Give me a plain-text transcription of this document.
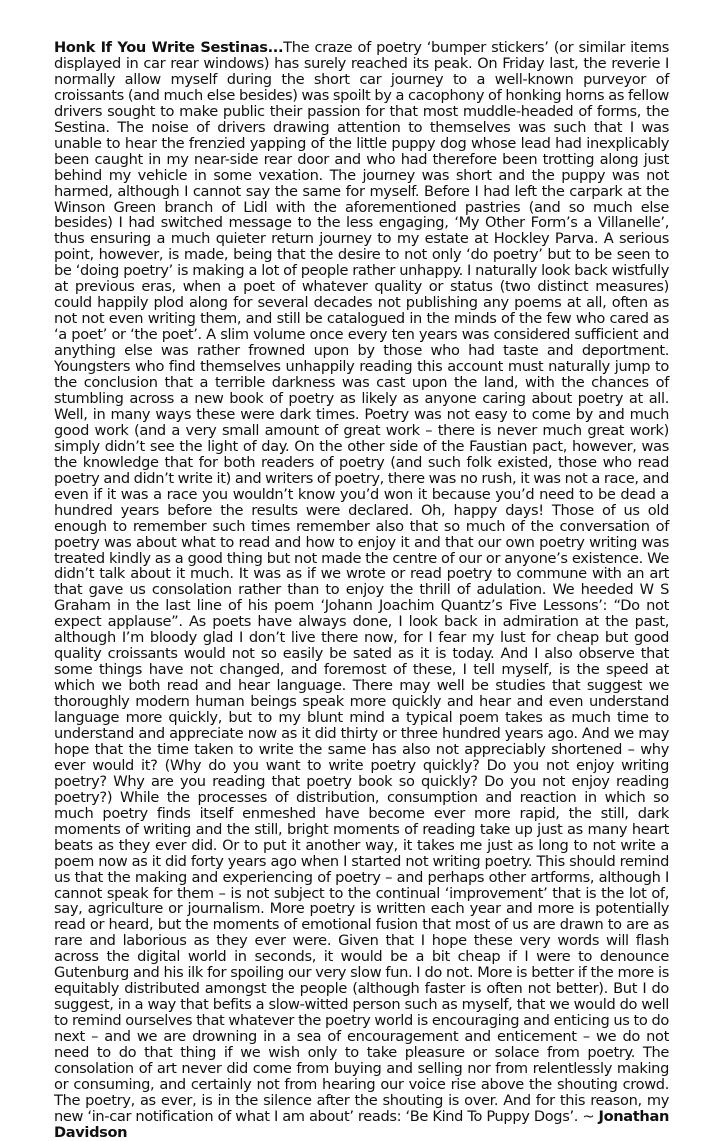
Honk If You Write Sestinas...The craze of poetry ‘bumper stickers’ (or similar items displayed in car rear windows) has surely reached its peak. On Friday last, the reverie I normally allow myself during the short car journey to a well-known purveyor of croissants (and much else besides) was spoilt by a cacophony of honking horns as fellow drivers sought to make public their passion for that most muddle-headed of forms, the Sestina. The noise of drivers drawing attention to themselves was such that I was unable to hear the frenzied yapping of the little puppy dog whose lead had inexplicably been caught in my near-side rear door and who had therefore been trotting along just behind my vehicle in some vexation. The journey was short and the puppy was not harmed, although I cannot say the same for myself. Before I had left the carpark at the Winson Green branch of Lidl with the aforementioned pastries (and so much else besides) I had switched message to the less engaging, ‘My Other Form’s a Villanelle’, thus ensuring a much quieter return journey to my estate at Hockley Parva. A serious point, however, is made, being that the desire to not only ‘do poetry’ but to be seen to be ‘doing poetry’ is making a lot of people rather unhappy. I naturally look back wistfully at previous eras, when a poet of whatever quality or status (two distinct measures) could happily plod along for several decades not publishing any poems at all, often as not not even writing them, and still be catalogued in the minds of the few who cared as ‘a poet’ or ‘the poet’. A slim volume once every ten years was considered sufficient and anything else was rather frowned upon by those who had taste and deportment. Youngsters who find themselves unhappily reading this account must naturally jump to the conclusion that a terrible darkness was cast upon the land, with the chances of stumbling across a new book of poetry as likely as anyone caring about poetry at all. Well, in many ways these were dark times. Poetry was not easy to come by and much good work (and a very small amount of great work – there is never much great work) simply didn’t see the light of day. On the other side of the Faustian pact, however, was the knowledge that for both readers of poetry (and such folk existed, those who read poetry and didn’t write it) and writers of poetry, there was no rush, it was not a race, and even if it was a race you wouldn’t know you’d won it because you’d need to be dead a hundred years before the results were declared. Oh, happy days! Those of us old enough to remember such times remember also that so much of the conversation of poetry was about what to read and how to enjoy it and that our own poetry writing was treated kindly as a good thing but not made the centre of our or anyone’s existence. We didn’t talk about it much. It was as if we wrote or read poetry to commune with an art that gave us consolation rather than to enjoy the thrill of adulation. We heeded W S Graham in the last line of his poem ‘Johann Joachim Quantz’s Five Lessons’: “Do not expect applause”. As poets have always done, I look back in admiration at the past, although I’m bloody glad I don’t live there now, for I fear my lust for cheap but good quality croissants would not so easily be sated as it is today. And I also observe that some things have not changed, and foremost of these, I tell myself, is the speed at which we both read and hear language. There may well be studies that suggest we thoroughly modern human beings speak more quickly and hear and even understand language more quickly, but to my blunt mind a typical poem takes as much time to understand and appreciate now as it did thirty or three hundred years ago. And we may hope that the time taken to write the same has also not appreciably shortened – why ever would it? (Why do you want to write poetry quickly? Do you not enjoy writing poetry? Why are you reading that poetry book so quickly? Do you not enjoy reading poetry?) While the processes of distribution, consumption and reaction in which so much poetry finds itself enmeshed have become ever more rapid, the still, dark moments of writing and the still, bright moments of reading take up just as many heart beats as they ever did. Or to put it another way, it takes me just as long to not write a poem now as it did forty years ago when I started not writing poetry. This should remind us that the making and experiencing of poetry – and perhaps other artforms, although I cannot speak for them – is not subject to the continual ‘improvement’ that is the lot of, say, agriculture or journalism. More poetry is written each year and more is potentially read or heard, but the moments of emotional fusion that most of us are drawn to are as rare and laborious as they ever were. Given that I hope these very words will flash across the digital world in seconds, it would be a bit cheap if I were to denounce Gutenburg and his ilk for spoiling our very slow fun. I do not. More is better if the more is equitably distributed amongst the people (although faster is often not better). But I do suggest, in a way that befits a slow-witted person such as myself, that we would do well to remind ourselves that whatever the poetry world is encouraging and enticing us to do next – and we are drowning in a sea of encouragement and enticement – we do not need to do that thing if we wish only to take pleasure or solace from poetry. The consolation of art never did come from buying and selling nor from relentlessly making or consuming, and certainly not from hearing our voice rise above the shouting crowd. The poetry, as ever, is in the silence after the shouting is over. And for this reason, my new ‘in-car notification of what I am about’ reads: ‘Be Kind To Puppy Dogs’. ~ Jonathan Davidson
